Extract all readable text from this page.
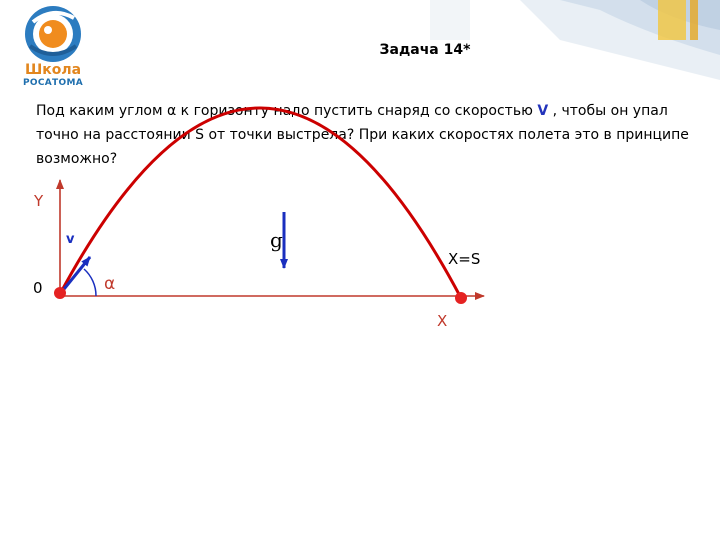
Школа
РОСАТОМА
Задача 14*
Под каким углом α к горизонту надо пустить снаряд со скоростью V , чтобы он упал точно на расстоянии S от точки выстрела? При каких скоростях полета это в принципе возможно?
Y
X
0
v
α
g
X=S
